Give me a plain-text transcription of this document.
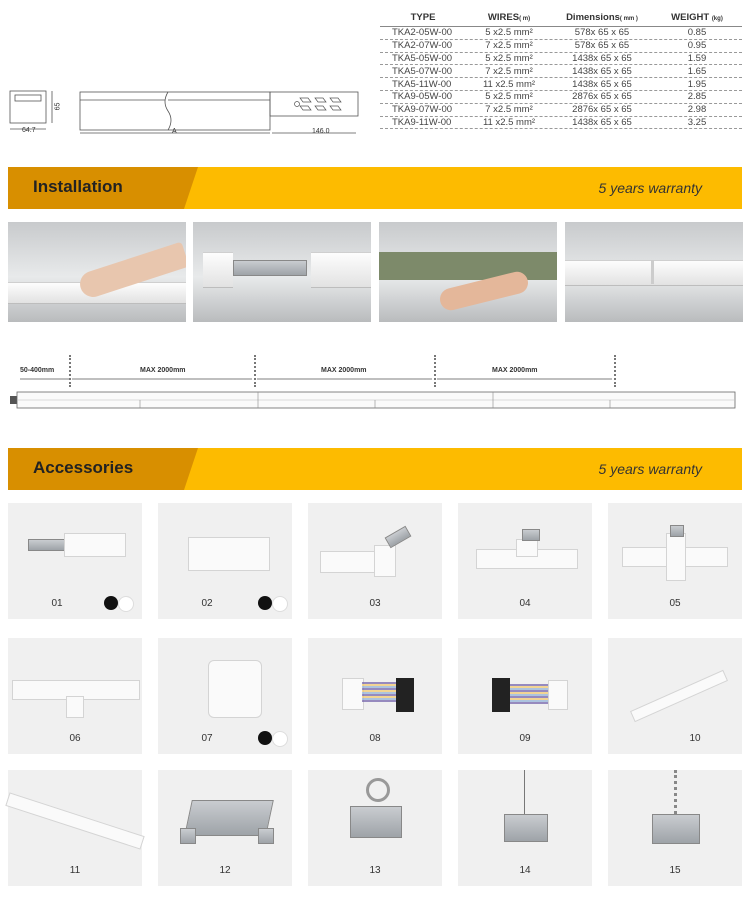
TYPE	WIRES( m)	Dimensions( mm )	WEIGHT (kg)
TKA2-05W-00	5 x2.5 mm²	578x 65 x 65	0.85
TKA2-07W-00	7 x2.5 mm²	578x 65 x 65	0.95
TKA5-05W-00	5 x2.5 mm²	1438x 65 x 65	1.59
TKA5-07W-00	7 x2.5 mm²	1438x 65 x 65	1.65
TKA5-11W-00	11 x2.5 mm²	1438x 65 x 65	1.95
TKA9-05W-00	5 x2.5 mm²	2876x 65 x 65	2.85
TKA9-07W-00	7 x2.5 mm²	2876x 65 x 65	2.98
TKA9-11W-00	11 x2.5 mm²	1438x 65 x 65	3.25
64.7
65
A	146.0
Installation	5 years warranty
50-400mm	MAX 2000mm	MAX 2000mm	MAX 2000mm
Accessories	5 years warranty
01	02	03	04	05
06	07	08	09	10
11	12	13	14	15
